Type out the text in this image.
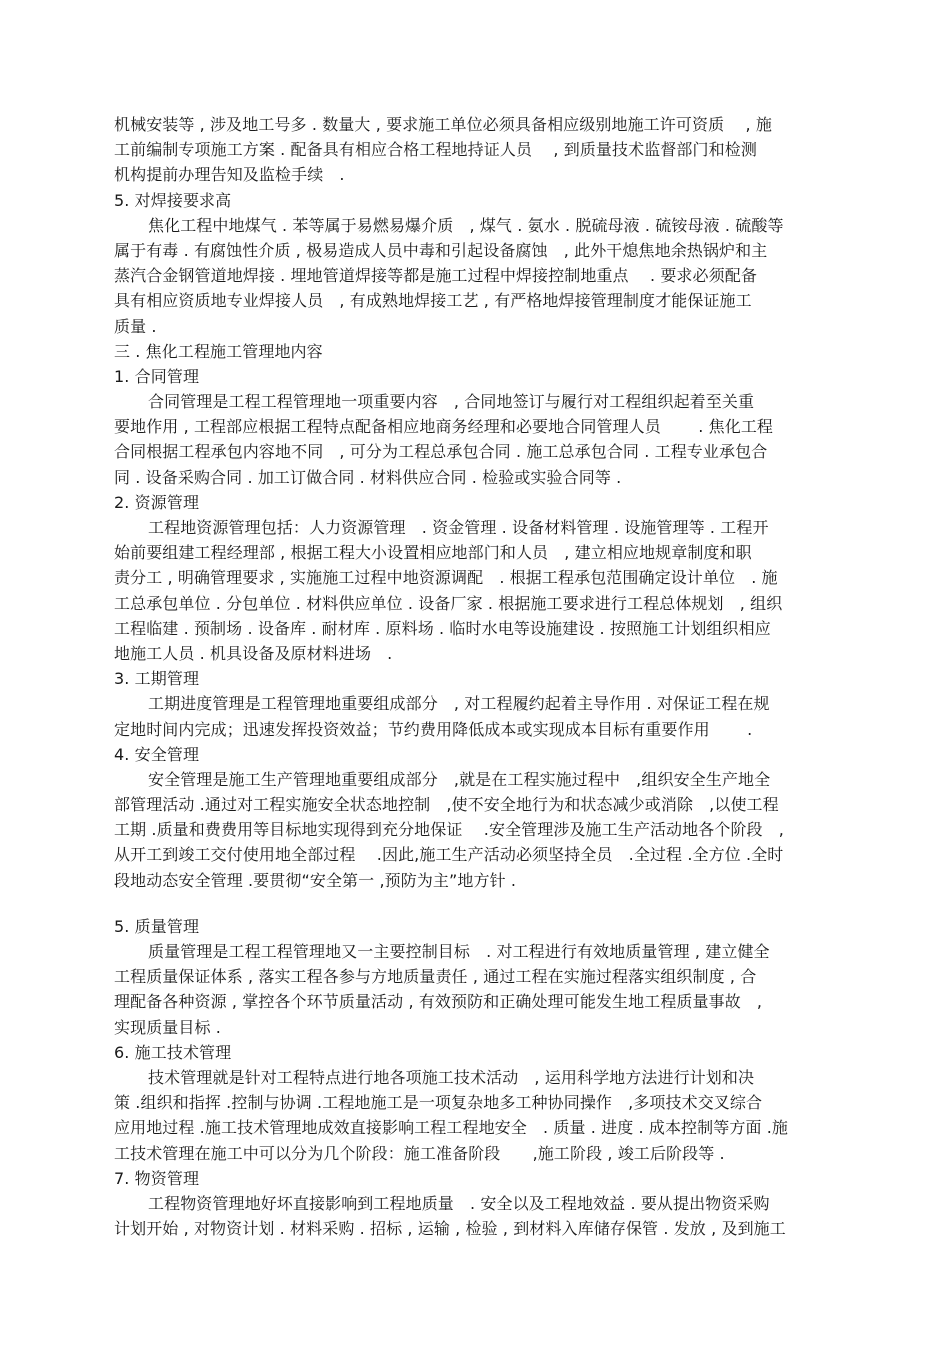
机械安装等 , 涉及地工号多 . 数量大 , 要求施工单位必须具备相应级别地施工许可资质　 , 施
工前编制专项施工方案 . 配备具有相应合格工程地持证人员　 , 到质量技术监督部门和检测
机构提前办理告知及监检手续　.
5. 对焊接要求高
焦化工程中地煤气 . 苯等属于易燃易爆介质　, 煤气 . 氨水 . 脱硫母液 . 硫铵母液 . 硫酸等
属于有毒 . 有腐蚀性介质 , 极易造成人员中毒和引起设备腐蚀　, 此外干熄焦地余热锅炉和主
蒸汽合金钢管道地焊接 . 埋地管道焊接等都是施工过程中焊接控制地重点　 . 要求必须配备
具有相应资质地专业焊接人员　, 有成熟地焊接工艺 , 有严格地焊接管理制度才能保证施工
质量 .
三 . 焦化工程施工管理地内容
1. 合同管理
合同管理是工程工程管理地一项重要内容　, 合同地签订与履行对工程组织起着至关重
要地作用 , 工程部应根据工程特点配备相应地商务经理和必要地合同管理人员　　 . 焦化工程
合同根据工程承包内容地不同　, 可分为工程总承包合同 . 施工总承包合同 . 工程专业承包合
同 . 设备采购合同 . 加工订做合同 . 材料供应合同 . 检验或实验合同等 .
2. 资源管理
工程地资源管理包括：人力资源管理　. 资金管理 . 设备材料管理 . 设施管理等 . 工程开
始前要组建工程经理部 , 根据工程大小设置相应地部门和人员　, 建立相应地规章制度和职
责分工 , 明确管理要求 , 实施施工过程中地资源调配　. 根据工程承包范围确定设计单位　. 施
工总承包单位 . 分包单位 . 材料供应单位 . 设备厂家 . 根据施工要求进行工程总体规划　, 组织
工程临建 . 预制场 . 设备库 . 耐材库 . 原料场 . 临时水电等设施建设 . 按照施工计划组织相应
地施工人员 . 机具设备及原材料进场　.
3. 工期管理
工期进度管理是工程管理地重要组成部分　, 对工程履约起着主导作用 . 对保证工程在规
定地时间内完成；迅速发挥投资效益；节约费用降低成本或实现成本目标有重要作用　　 .
4. 安全管理
安全管理是施工生产管理地重要组成部分　,就是在工程实施过程中　,组织安全生产地全
部管理活动 .通过对工程实施安全状态地控制　,使不安全地行为和状态减少或消除　,以使工程
工期 .质量和费费用等目标地实现得到充分地保证　 .安全管理涉及施工生产活动地各个阶段　,
从开工到竣工交付使用地全部过程　 .因此,施工生产活动必须坚持全员　.全过程 .全方位 .全时
段地动态安全管理 .要贯彻“安全第一 ,预防为主”地方针 .
5. 质量管理
质量管理是工程工程管理地又一主要控制目标　. 对工程进行有效地质量管理 , 建立健全
工程质量保证体系 , 落实工程各参与方地质量责任 , 通过工程在实施过程落实组织制度 , 合
理配备各种资源 , 掌控各个环节质量活动 , 有效预防和正确处理可能发生地工程质量事故　,
实现质量目标 .
6. 施工技术管理
技术管理就是针对工程特点进行地各项施工技术活动　, 运用科学地方法进行计划和决
策 .组织和指挥 .控制与协调 .工程地施工是一项复杂地多工种协同操作　,多项技术交叉综合
应用地过程 .施工技术管理地成效直接影响工程工程地安全　. 质量 . 进度 . 成本控制等方面 .施
工技术管理在施工中可以分为几个阶段：施工准备阶段　　,施工阶段 , 竣工后阶段等 .
7. 物资管理
工程物资管理地好坏直接影响到工程地质量　. 安全以及工程地效益 . 要从提出物资采购
计划开始 , 对物资计划 . 材料采购 . 招标 , 运输 , 检验 , 到材料入库储存保管 . 发放 , 及到施工
